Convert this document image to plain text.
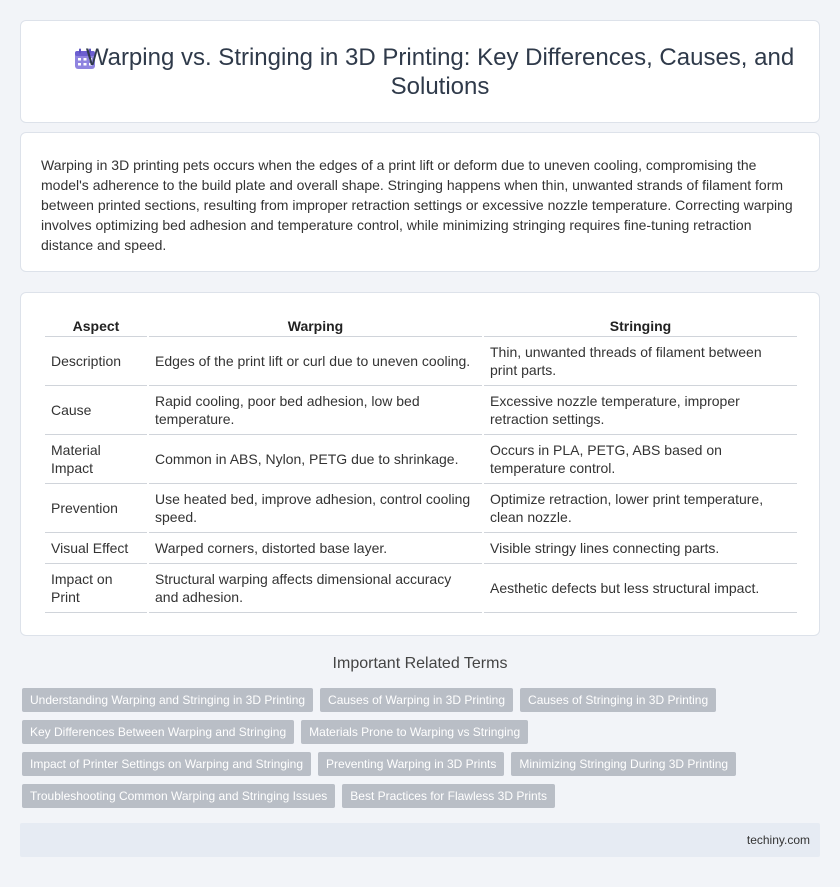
Warping vs. Stringing in 3D Printing: Key Differences, Causes, and Solutions

Warping in 3D printing pets occurs when the edges of a print lift or deform due to uneven cooling, compromising the model's adherence to the build plate and overall shape. Stringing happens when thin, unwanted strands of filament form between printed sections, resulting from improper retraction settings or excessive nozzle temperature. Correcting warping involves optimizing bed adhesion and temperature control, while minimizing stringing requires fine-tuning retraction distance and speed.

Aspect	Warping	Stringing
Description	Edges of the print lift or curl due to uneven cooling.	Thin, unwanted threads of filament between print parts.
Cause	Rapid cooling, poor bed adhesion, low bed temperature.	Excessive nozzle temperature, improper retraction settings.
Material Impact	Common in ABS, Nylon, PETG due to shrinkage.	Occurs in PLA, PETG, ABS based on temperature control.
Prevention	Use heated bed, improve adhesion, control cooling speed.	Optimize retraction, lower print temperature, clean nozzle.
Visual Effect	Warped corners, distorted base layer.	Visible stringy lines connecting parts.
Impact on Print	Structural warping affects dimensional accuracy and adhesion.	Aesthetic defects but less structural impact.
Important Related Terms
Understanding Warping and Stringing in 3D Printing	Causes of Warping in 3D Printing	Causes of Stringing in 3D Printing
Key Differences Between Warping and Stringing	Materials Prone to Warping vs Stringing
Impact of Printer Settings on Warping and Stringing	Preventing Warping in 3D Prints	Minimizing Stringing During 3D Printing
Troubleshooting Common Warping and Stringing Issues	Best Practices for Flawless 3D Prints
techiny.com
